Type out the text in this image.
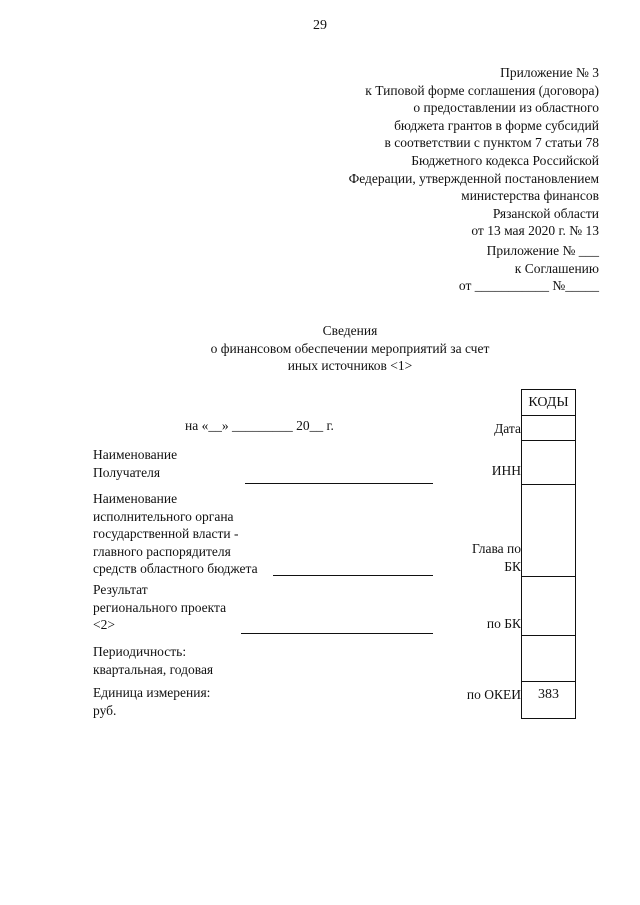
29
Приложение № 3
к Типовой форме соглашения (договора)
о предоставлении из областного
бюджета грантов в форме субсидий
в соответствии с пунктом 7 статьи 78
Бюджетного кодекса Российской
Федерации, утвержденной постановлением
министерства финансов
Рязанской области
от 13 мая 2020 г. № 13
Приложение № ___
к Соглашению
от ___________ №_____
Сведения
о финансовом обеспечении мероприятий за счет
иных источников <1>
на «__» _________ 20__ г.
Наименование
Получателя
Наименование
исполнительного органа
государственной власти -
главного распорядителя
средств областного бюджета
Результат
регионального проекта
<2>
Периодичность:
квартальная, годовая
Единица измерения:
руб.
Дата
ИНН
Глава по
БК
по БК
по ОКЕИ
КОДЫ
383
